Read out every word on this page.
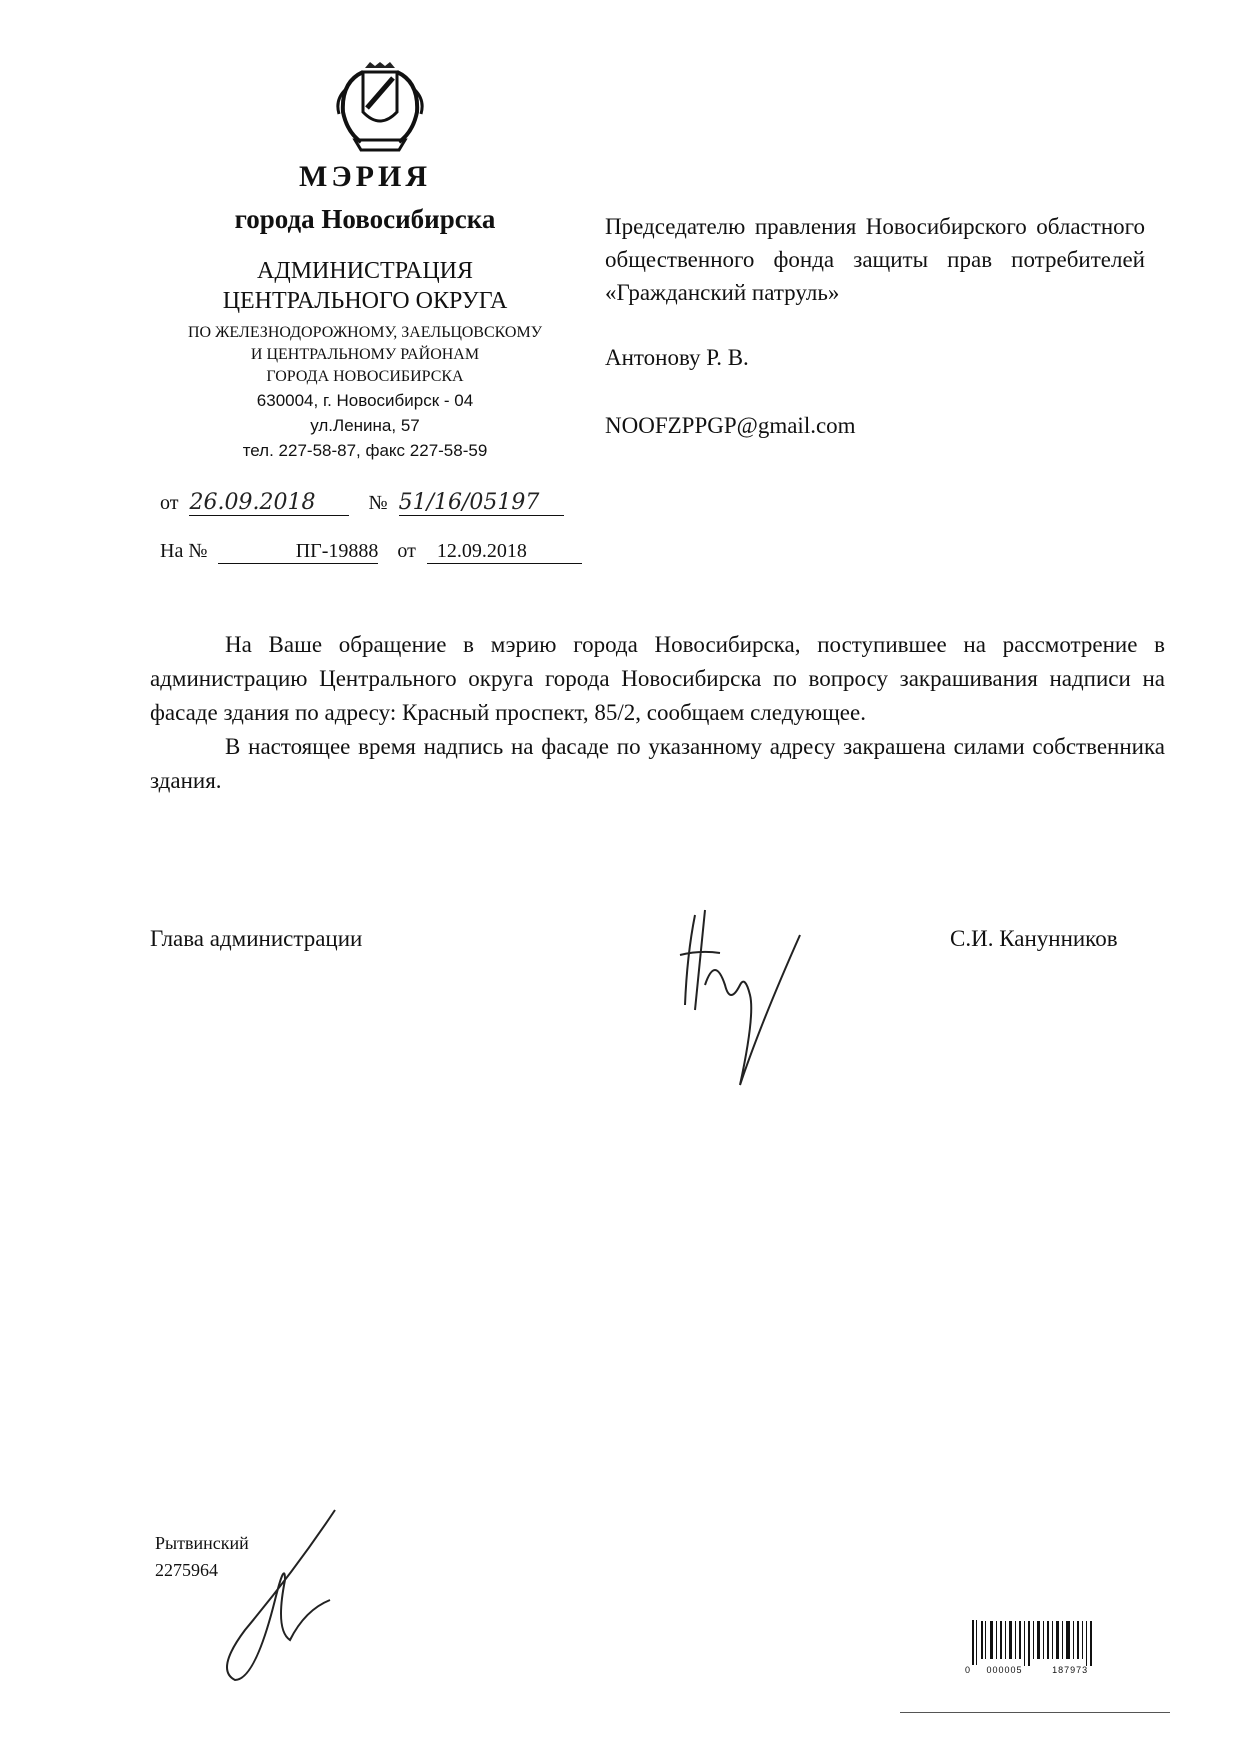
МЭРИЯ
города Новосибирска
АДМИНИСТРАЦИЯ
ЦЕНТРАЛЬНОГО ОКРУГА
ПО ЖЕЛЕЗНОДОРОЖНОМУ, ЗАЕЛЬЦОВСКОМУ
И ЦЕНТРАЛЬНОМУ РАЙОНАМ
ГОРОДА НОВОСИБИРСКА
630004, г. Новосибирск - 04
ул.Ленина, 57
тел. 227-58-87, факс 227-58-59
Председателю правления Новосибирского областного общественного фонда защиты прав потребителей «Гражданский патруль»
Антонову Р. В.
NOOFZPPGP@gmail.com
от 26.09.2018	№ 51/16/05197
На №	ПГ-19888 от 12.09.2018

На Ваше обращение в мэрию города Новосибирска, поступившее на рассмотрение в администрацию Центрального округа города Новосибирска по вопросу закрашивания надписи на фасаде здания по адресу: Красный проспект, 85/2, сообщаем следующее.

В настоящее время надпись на фасаде по указанному адресу закрашена силами собственника здания.

Глава администрации	С.И. Канунников
Рытвинский
2275964
0 000005	187973
